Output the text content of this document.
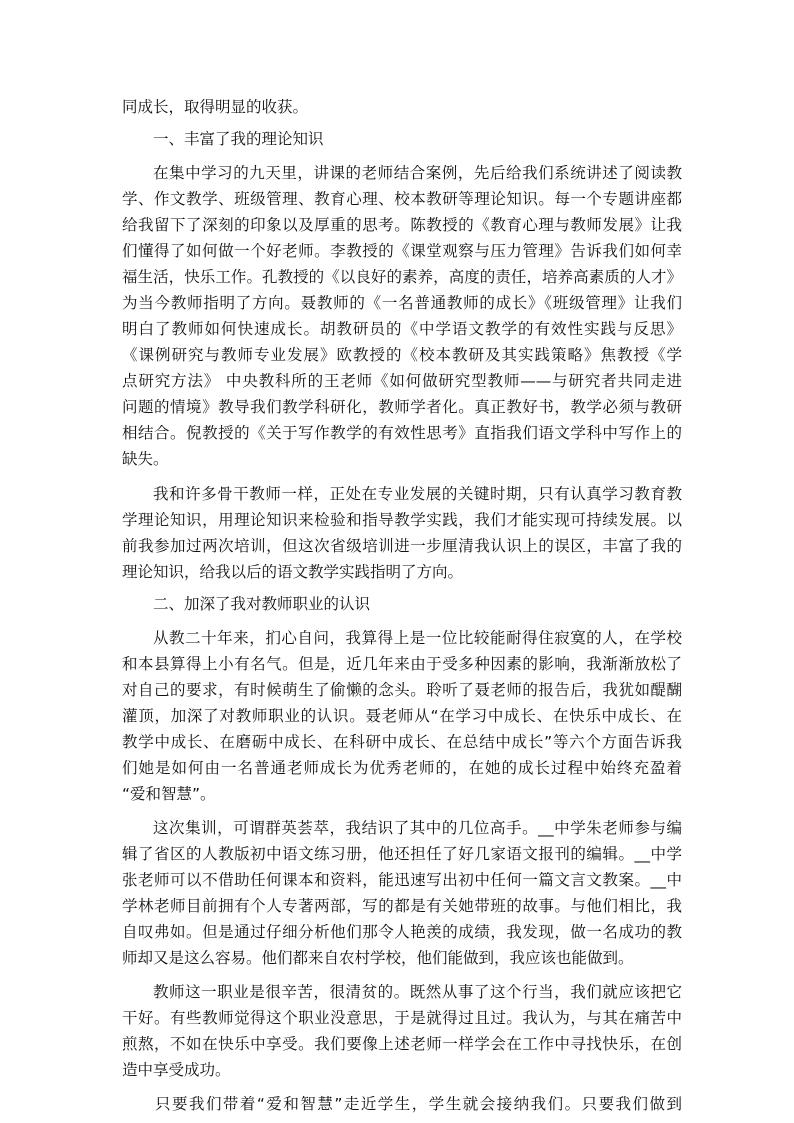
同成长，取得明显的收获。
一、丰富了我的理论知识
在集中学习的九天里，讲课的老师结合案例，先后给我们系统讲述了阅读教
学、作文教学、班级管理、教育心理、校本教研等理论知识。每一个专题讲座都
给我留下了深刻的印象以及厚重的思考。陈教授的《教育心理与教师发展》让我
们懂得了如何做一个好老师。李教授的《课堂观察与压力管理》告诉我们如何幸
福生活，快乐工作。孔教授的《以良好的素养，高度的责任，培养高素质的人才》
为当今教师指明了方向。聂教师的《一名普通教师的成长》《班级管理》让我们
明白了教师如何快速成长。胡教研员的《中学语文教学的有效性实践与反思》
《课例研究与教师专业发展》欧教授的《校本教研及其实践策略》焦教授《学
点研究方法》 中央教科所的王老师《如何做研究型教师——与研究者共同走进
问题的情境》教导我们教学科研化，教师学者化。真正教好书，教学必须与教研
相结合。倪教授的《关于写作教学的有效性思考》直指我们语文学科中写作上的
缺失。
我和许多骨干教师一样，正处在专业发展的关键时期，只有认真学习教育教
学理论知识，用理论知识来检验和指导教学实践，我们才能实现可持续发展。以
前我参加过两次培训，但这次省级培训进一步厘清我认识上的误区，丰富了我的
理论知识，给我以后的语文教学实践指明了方向。
二、加深了我对教师职业的认识
从教二十年来，扪心自问，我算得上是一位比较能耐得住寂寞的人，在学校
和本县算得上小有名气。但是，近几年来由于受多种因素的影响，我渐渐放松了
对自己的要求，有时候萌生了偷懒的念头。聆听了聂老师的报告后，我犹如醍醐
灌顶，加深了对教师职业的认识。聂老师从“在学习中成长、在快乐中成长、在
教学中成长、在磨砺中成长、在科研中成长、在总结中成长”等六个方面告诉我
们她是如何由一名普通老师成长为优秀老师的，在她的成长过程中始终充盈着
“爱和智慧”。
这次集训，可谓群英荟萃，我结识了其中的几位高手。__中学朱老师参与编
辑了省区的人教版初中语文练习册，他还担任了好几家语文报刊的编辑。__中学
张老师可以不借助任何课本和资料，能迅速写出初中任何一篇文言文教案。__中
学林老师目前拥有个人专著两部，写的都是有关她带班的故事。与他们相比，我
自叹弗如。但是通过仔细分析他们那令人艳羡的成绩，我发现，做一名成功的教
师却又是这么容易。他们都来自农村学校，他们能做到，我应该也能做到。
教师这一职业是很辛苦，很清贫的。既然从事了这个行当，我们就应该把它
干好。有些教师觉得这个职业没意思，于是就得过且过。我认为，与其在痛苦中
煎熬，不如在快乐中享受。我们要像上述老师一样学会在工作中寻找快乐，在创
造中享受成功。
只要我们带着“爱和智慧”走近学生，学生就会接纳我们。只要我们做到
